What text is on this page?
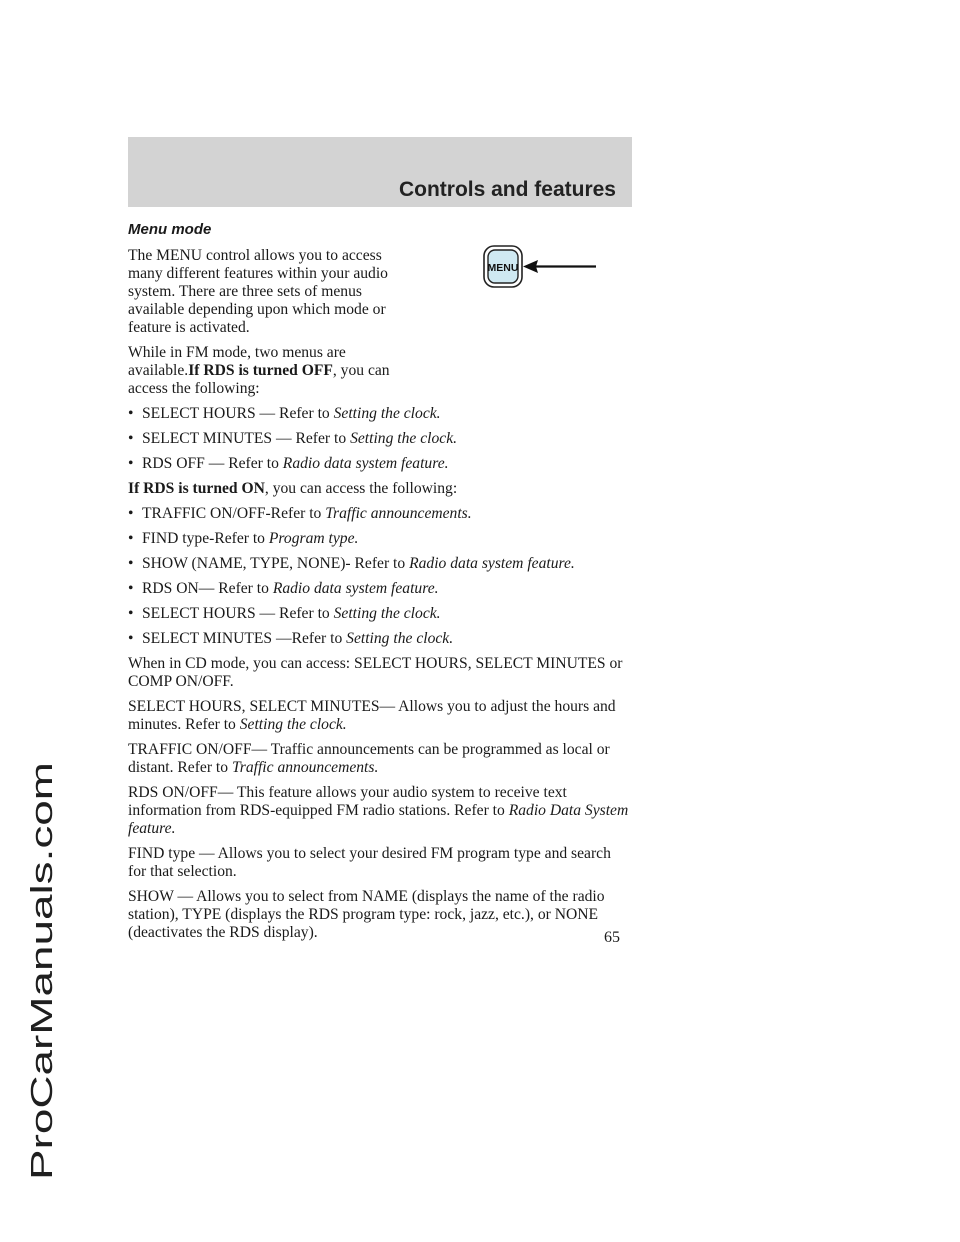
Controls and features
ProCarManuals.com
Menu mode

The MENU control allows you to access many different features within your audio system. There are three sets of menus available depending upon which mode or feature is activated.

While in FM mode, two menus are available.If RDS is turned OFF, you can access the following:

• SELECT HOURS — Refer to Setting the clock.
• SELECT MINUTES — Refer to Setting the clock.
• RDS OFF — Refer to Radio data system feature.

If RDS is turned ON, you can access the following:

• TRAFFIC ON/OFF-Refer to Traffic announcements.
• FIND type-Refer to Program type.
• SHOW (NAME, TYPE, NONE)- Refer to Radio data system feature.
• RDS ON— Refer to Radio data system feature.
• SELECT HOURS — Refer to Setting the clock.
• SELECT MINUTES —Refer to Setting the clock.

When in CD mode, you can access: SELECT HOURS, SELECT MINUTES or COMP ON/OFF.

SELECT HOURS, SELECT MINUTES— Allows you to adjust the hours and minutes. Refer to Setting the clock.

TRAFFIC ON/OFF— Traffic announcements can be programmed as local or distant. Refer to Traffic announcements.

RDS ON/OFF— This feature allows your audio system to receive text information from RDS-equipped FM radio stations. Refer to Radio Data System feature.

FIND type — Allows you to select your desired FM program type and search for that selection.

SHOW — Allows you to select from NAME (displays the name of the radio station), TYPE (displays the RDS program type: rock, jazz, etc.), or NONE (deactivates the RDS display).

MENU
65
